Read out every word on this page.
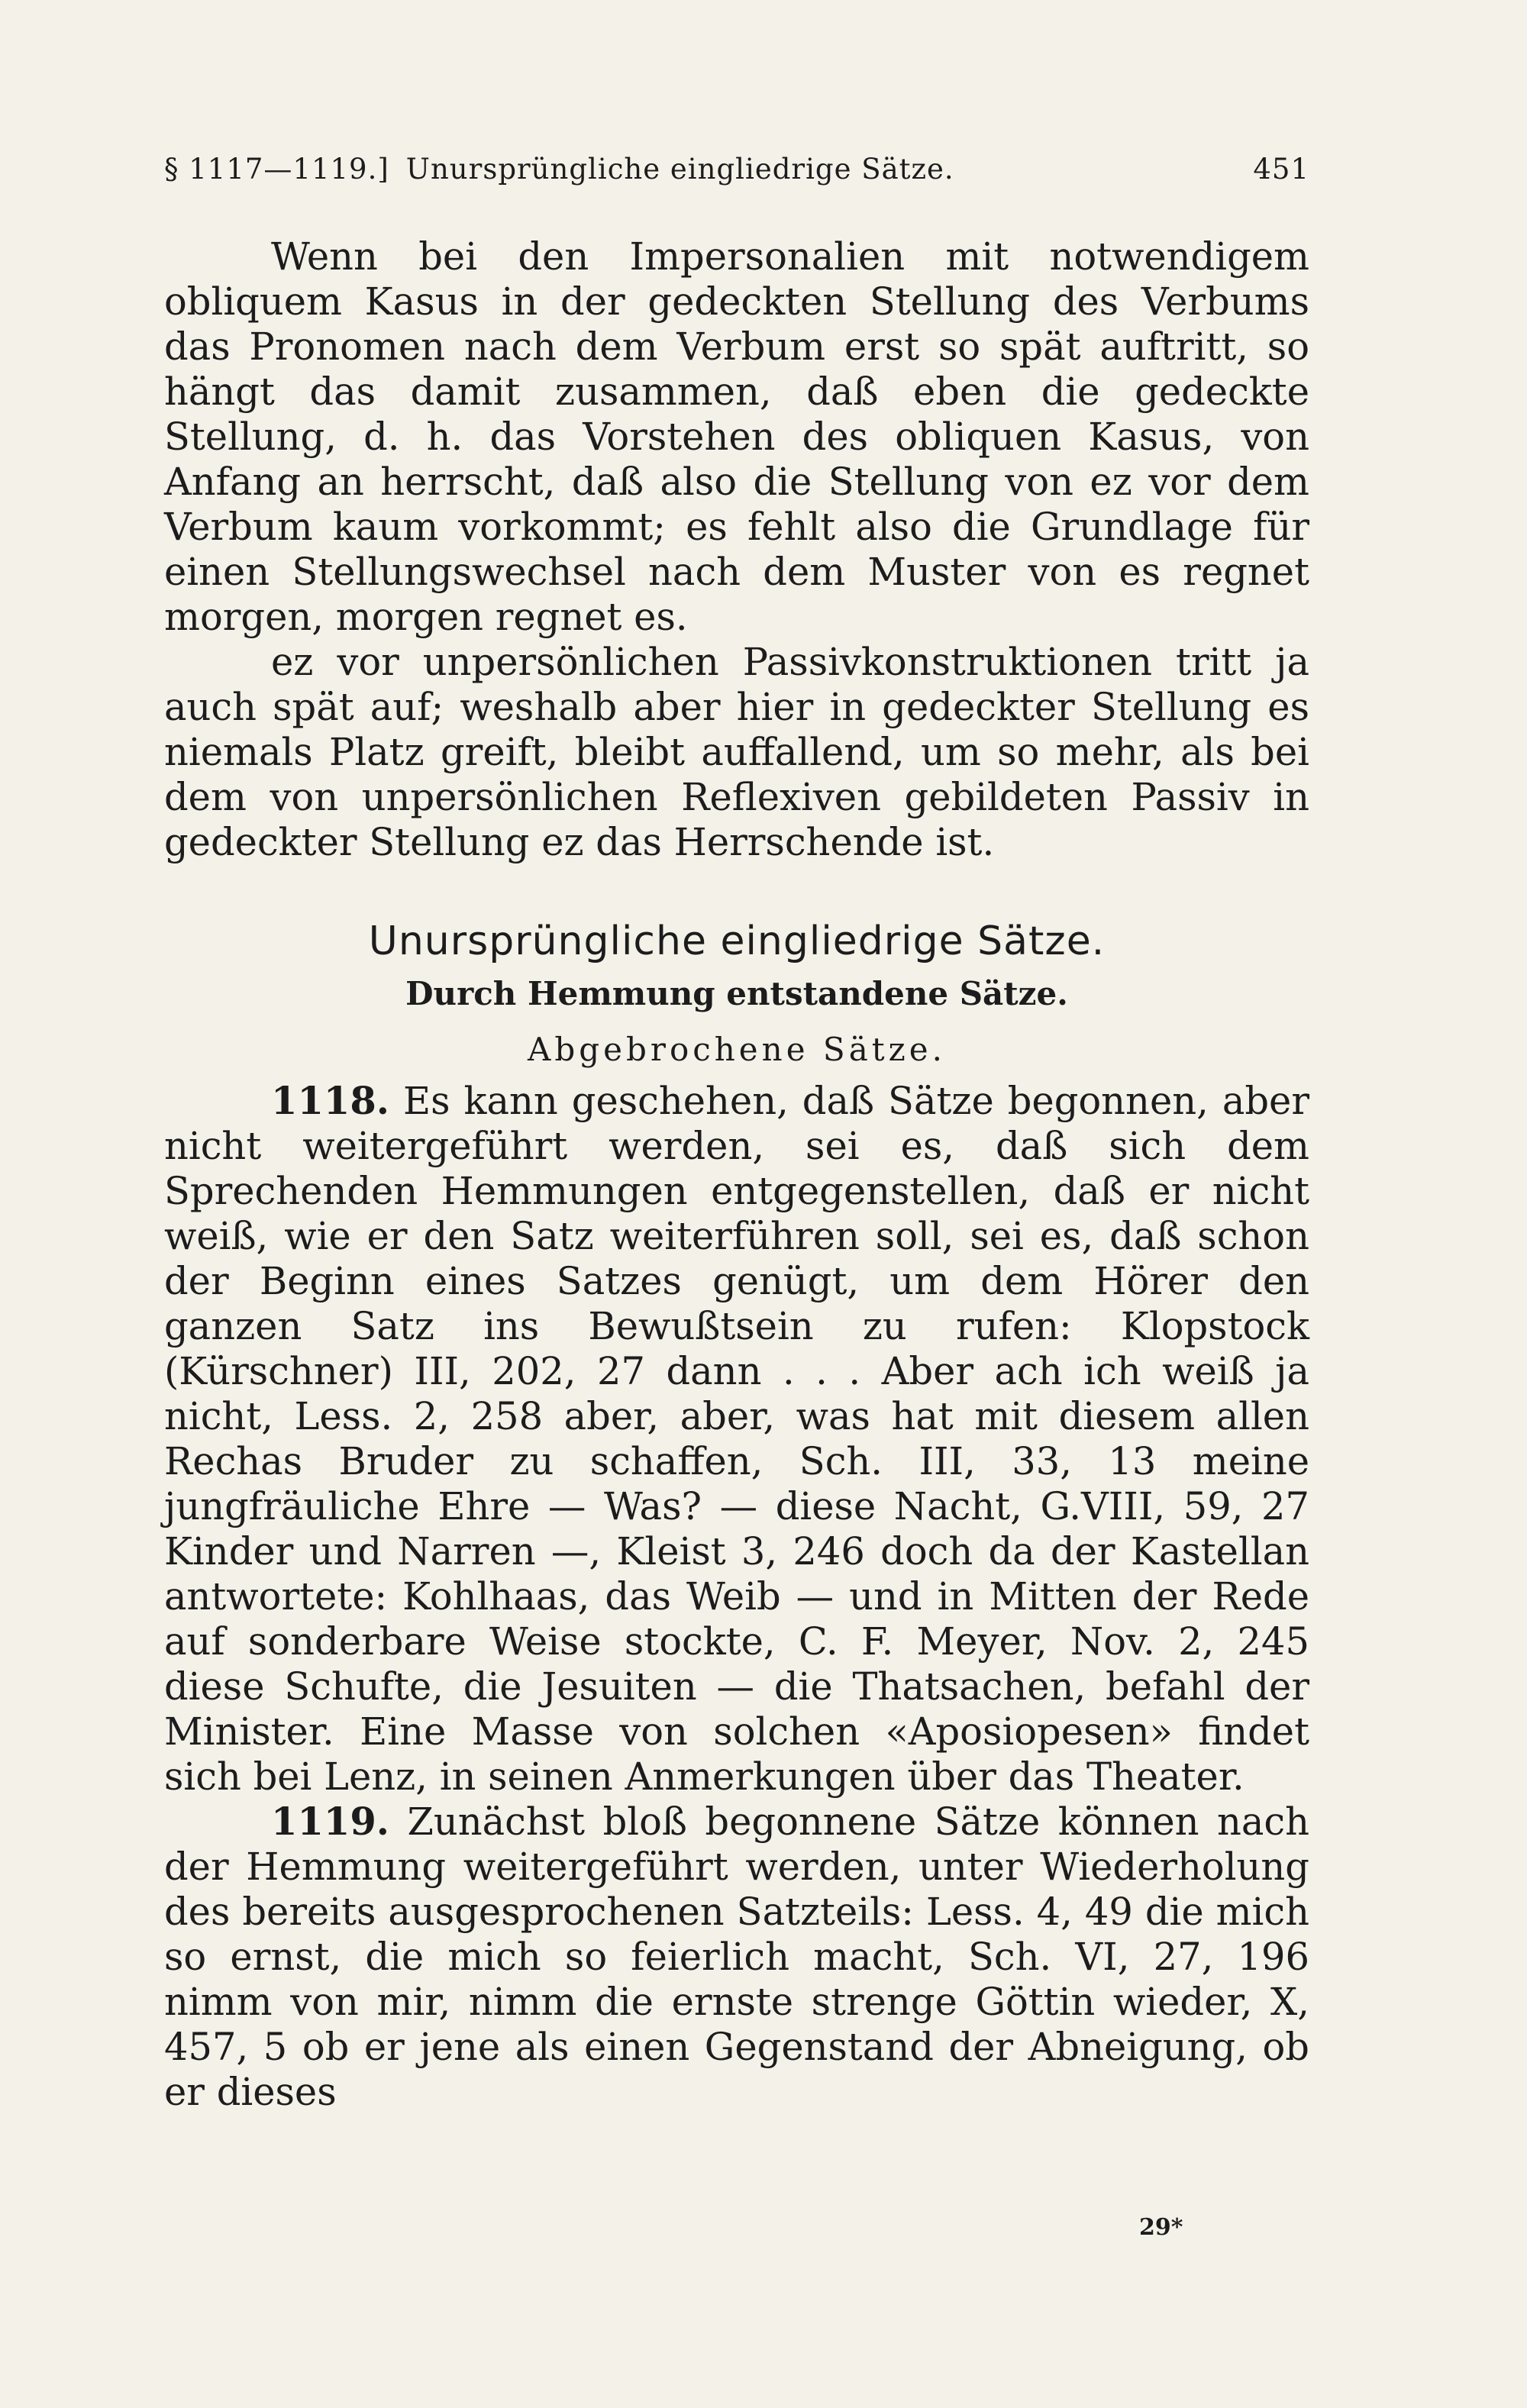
§ 1117—1119.] Unursprüngliche eingliedrige Sätze.	451

Wenn bei den Impersonalien mit notwendigem obliquem Kasus in der gedeckten Stellung des Verbums das Pronomen nach dem Verbum erst so spät auftritt, so hängt das damit zusammen, daß eben die gedeckte Stellung, d. h. das Vorstehen des obliquen Kasus, von Anfang an herrscht, daß also die Stellung von ez vor dem Verbum kaum vorkommt; es fehlt also die Grundlage für einen Stellungswechsel nach dem Muster von es regnet morgen, morgen regnet es.

ez vor unpersönlichen Passivkonstruktionen tritt ja auch spät auf; weshalb aber hier in gedeckter Stellung es niemals Platz greift, bleibt auffallend, um so mehr, als bei dem von unpersönlichen Reflexiven gebildeten Passiv in gedeckter Stellung ez das Herrschende ist.

Unursprüngliche eingliedrige Sätze.
Durch Hemmung entstandene Sätze.
Abgebrochene Sätze.

1118. Es kann geschehen, daß Sätze begonnen, aber nicht weitergeführt werden, sei es, daß sich dem Sprechenden Hemmungen entgegenstellen, daß er nicht weiß, wie er den Satz weiterführen soll, sei es, daß schon der Beginn eines Satzes genügt, um dem Hörer den ganzen Satz ins Bewußtsein zu rufen: Klopstock (Kürschner) III, 202, 27 dann . . . Aber ach ich weiß ja nicht, Less. 2, 258 aber, aber, was hat mit diesem allen Rechas Bruder zu schaffen, Sch. III, 33, 13 meine jungfräuliche Ehre — Was? — diese Nacht, G.VIII, 59, 27 Kinder und Narren —, Kleist 3, 246 doch da der Kastellan antwortete: Kohlhaas, das Weib — und in Mitten der Rede auf sonderbare Weise stockte, C. F. Meyer, Nov. 2, 245 diese Schufte, die Jesuiten — die Thatsachen, befahl der Minister. Eine Masse von solchen «Aposiopesen» findet sich bei Lenz, in seinen Anmerkungen über das Theater.

1119. Zunächst bloß begonnene Sätze können nach der Hemmung weitergeführt werden, unter Wiederholung des bereits ausgesprochenen Satzteils: Less. 4, 49 die mich so ernst, die mich so feierlich macht, Sch. VI, 27, 196 nimm von mir, nimm die ernste strenge Göttin wieder, X, 457, 5 ob er jene als einen Gegenstand der Abneigung, ob er dieses

29*
